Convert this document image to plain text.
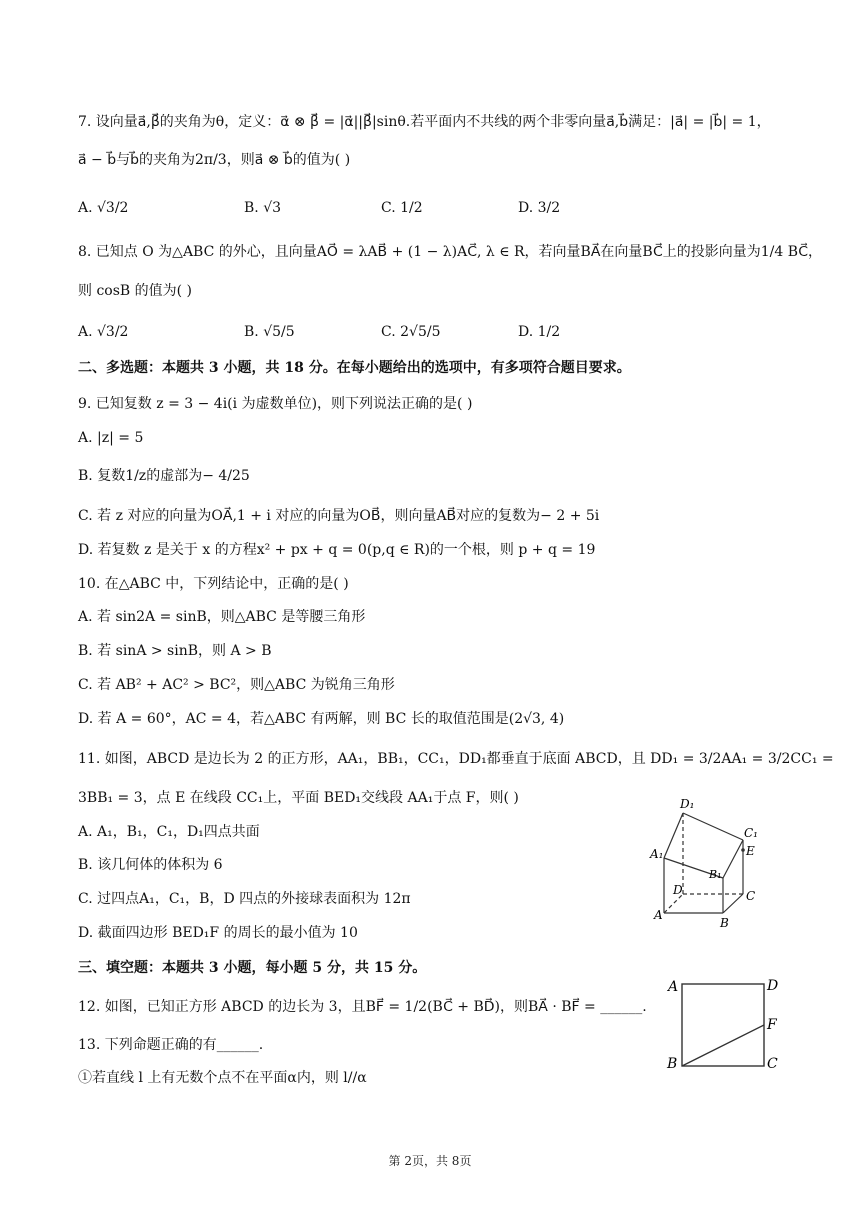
7. 设向量a⃗,β⃗的夹角为θ，定义：α⃗ ⊗ β⃗ = |α⃗||β⃗|sinθ.若平面内不共线的两个非零向量a⃗,b⃗满足：|a⃗| = |b⃗| = 1，
a⃗ − b⃗与b⃗的夹角为2π/3，则a⃗ ⊗ b⃗的值为( )
A. √3/2	B. √3	C. 1/2	D. 3/2
8. 已知点 O 为△ABC 的外心，且向量AO⃗ = λAB⃗ + (1 − λ)AC⃗, λ ∈ R，若向量BA⃗在向量BC⃗上的投影向量为1/4 BC⃗，
则 cosB 的值为( )
A. √3/2	B. √5/5	C. 2√5/5	D. 1/2
二、多选题：本题共 3 小题，共 18 分。在每小题给出的选项中，有多项符合题目要求。
9. 已知复数 z = 3 − 4i(i 为虚数单位)，则下列说法正确的是( )
A. |z| = 5
B. 复数1/z的虚部为− 4/25
C. 若 z 对应的向量为OA⃗,1 + i 对应的向量为OB⃗，则向量AB⃗对应的复数为− 2 + 5i
D. 若复数 z 是关于 x 的方程x² + px + q = 0(p,q ∈ R)的一个根，则 p + q = 19
10. 在△ABC 中，下列结论中，正确的是( )
A. 若 sin2A = sinB，则△ABC 是等腰三角形
B. 若 sinA > sinB，则 A > B
C. 若 AB² + AC² > BC²，则△ABC 为锐角三角形
D. 若 A = 60°，AC = 4，若△ABC 有两解，则 BC 长的取值范围是(2√3, 4)
11. 如图，ABCD 是边长为 2 的正方形，AA₁，BB₁，CC₁，DD₁都垂直于底面 ABCD，且 DD₁ = 3/2AA₁ = 3/2CC₁ =
3BB₁ = 3，点 E 在线段 CC₁上，平面 BED₁交线段 AA₁于点 F，则( )
A. A₁，B₁，C₁，D₁四点共面
B. 该几何体的体积为 6
C. 过四点A₁，C₁，B，D 四点的外接球表面积为 12π
D. 截面四边形 BED₁F 的周长的最小值为 10
D₁
C₁
E
A₁
B₁
D	C
A
B
三、填空题：本题共 3 小题，每小题 5 分，共 15 分。
12. 如图，已知正方形 ABCD 的边长为 3，且BF⃗ = 1/2(BC⃗ + BD⃗)，则BA⃗ · BF⃗ = ______.
13. 下列命题正确的有______.
①若直线 l 上有无数个点不在平面α内，则 l//α
A	D
F
B	C
第 2页，共 8页
